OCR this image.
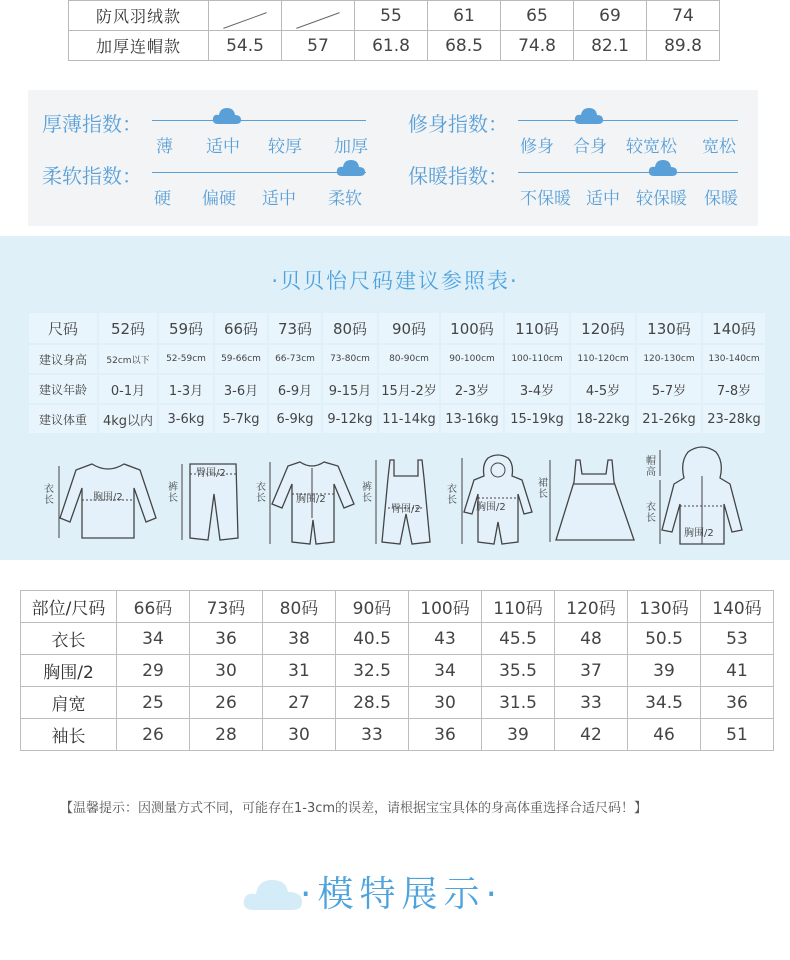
防风羽绒款			55	61	65	69	74
加厚连帽款	54.5	57	61.8	68.5	74.8	82.1	89.8
厚薄指数：
薄 适中 较厚 加厚
修身指数：
修身 合身 较宽松 宽松
柔软指数：
硬 偏硬 适中 柔软
保暖指数：
不保暖 适中 较保暖 保暖
·贝贝怡尺码建议参照表·
尺码	52码	59码	66码	73码	80码	90码	100码	110码	120码	130码	140码
建议身高	52cm以下	52-59cm	59-66cm	66-73cm	73-80cm	80-90cm	90-100cm	100-110cm	110-120cm	120-130cm	130-140cm
建议年龄	0-1月	1-3月	3-6月	6-9月	9-15月	15月-2岁	2-3岁	3-4岁	4-5岁	5-7岁	7-8岁
建议体重	4kg以内	3-6kg	5-7kg	6-9kg	9-12kg	11-14kg	13-16kg	15-19kg	18-22kg	21-26kg	23-28kg
衣长	胸围/2
裤长
臀围/2
衣长	胸围/2
裤长
臀围/2
衣长
胸围/2
裙长
帽高
衣长
胸围/2
部位/尺码	66码	73码	80码	90码	100码	110码	120码	130码	140码
衣长	34	36	38	40.5	43	45.5	48	50.5	53
胸围/2	29	30	31	32.5	34	35.5	37	39	41
肩宽	25	26	27	28.5	30	31.5	33	34.5	36
袖长	26	28	30	33	36	39	42	46	51
【温馨提示：因测量方式不同，可能存在1-3cm的误差，请根据宝宝具体的身高体重选择合适尺码！】
·模特展示·
